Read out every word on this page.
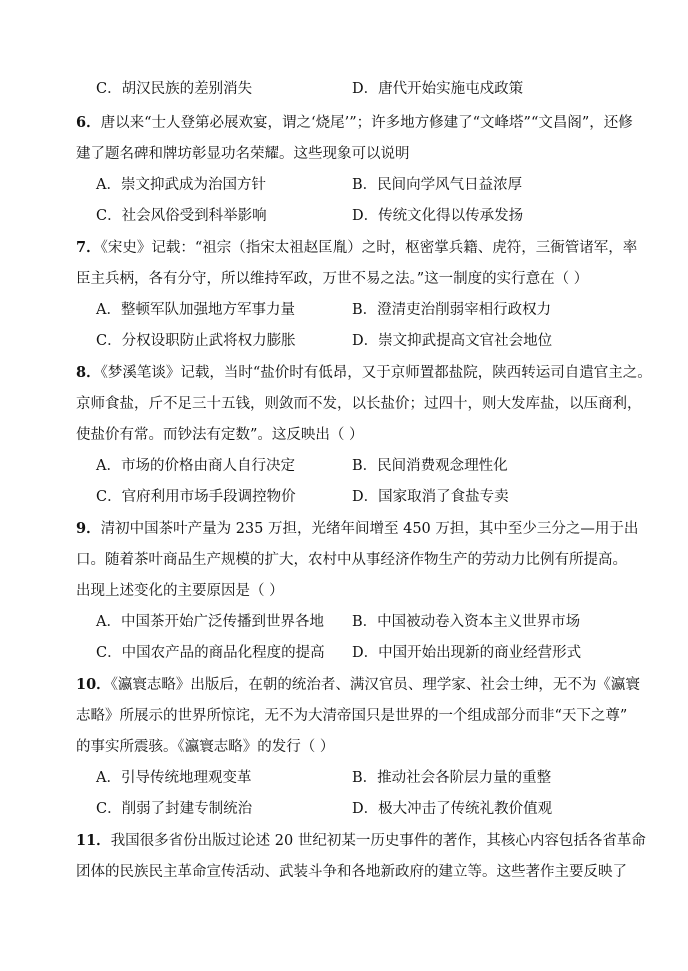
C．胡汉民族的差别消失	D．唐代开始实施屯戍政策
6．唐以来“士人登第必展欢宴，谓之‘烧尾’”；许多地方修建了“文峰塔”“文昌阁”，还修
建了题名碑和牌坊彰显功名荣耀。这些现象可以说明
A．崇文抑武成为治国方针	B．民间向学风气日益浓厚
C．社会风俗受到科举影响	D．传统文化得以传承发扬
7．《宋史》记载：“祖宗（指宋太祖赵匡胤）之时，枢密掌兵籍、虎符，三衙管诸军，率
臣主兵柄，各有分守，所以维持军政，万世不易之法。”这一制度的实行意在（ ）
A．整顿军队加强地方军事力量	B．澄清吏治削弱宰相行政权力
C．分权设职防止武将权力膨胀	D．崇文抑武提高文官社会地位
8．《梦溪笔谈》记载，当时“盐价时有低昂，又于京师置都盐院，陕西转运司自遣官主之。
京师食盐，斤不足三十五钱，则敛而不发，以长盐价；过四十，则大发库盐，以压商利，
使盐价有常。而钞法有定数”。这反映出（ ）
A．市场的价格由商人自行决定	B．民间消费观念理性化
C．官府利用市场手段调控物价	D．国家取消了食盐专卖
9．清初中国茶叶产量为 235 万担，光绪年间增至 450 万担，其中至少三分之—用于出
口。随着茶叶商品生产规模的扩大，农村中从事经济作物生产的劳动力比例有所提高。
出现上述变化的主要原因是（ ）
A．中国茶开始广泛传播到世界各地 B．中国被动卷入资本主义世界市场
C．中国农产品的商品化程度的提高 D．中国开始出现新的商业经营形式
10．《瀛寰志略》出版后，在朝的统治者、满汉官员、理学家、社会士绅，无不为《瀛寰
志略》所展示的世界所惊诧，无不为大清帝国只是世界的一个组成部分而非“天下之尊”
的事实所震骇。《瀛寰志略》的发行（ ）
A．引导传统地理观变革	B．推动社会各阶层力量的重整
C．削弱了封建专制统治	D．极大冲击了传统礼教价值观
11．我国很多省份出版过论述 20 世纪初某一历史事件的著作，其核心内容包括各省革命
团体的民族民主革命宣传活动、武装斗争和各地新政府的建立等。这些著作主要反映了
